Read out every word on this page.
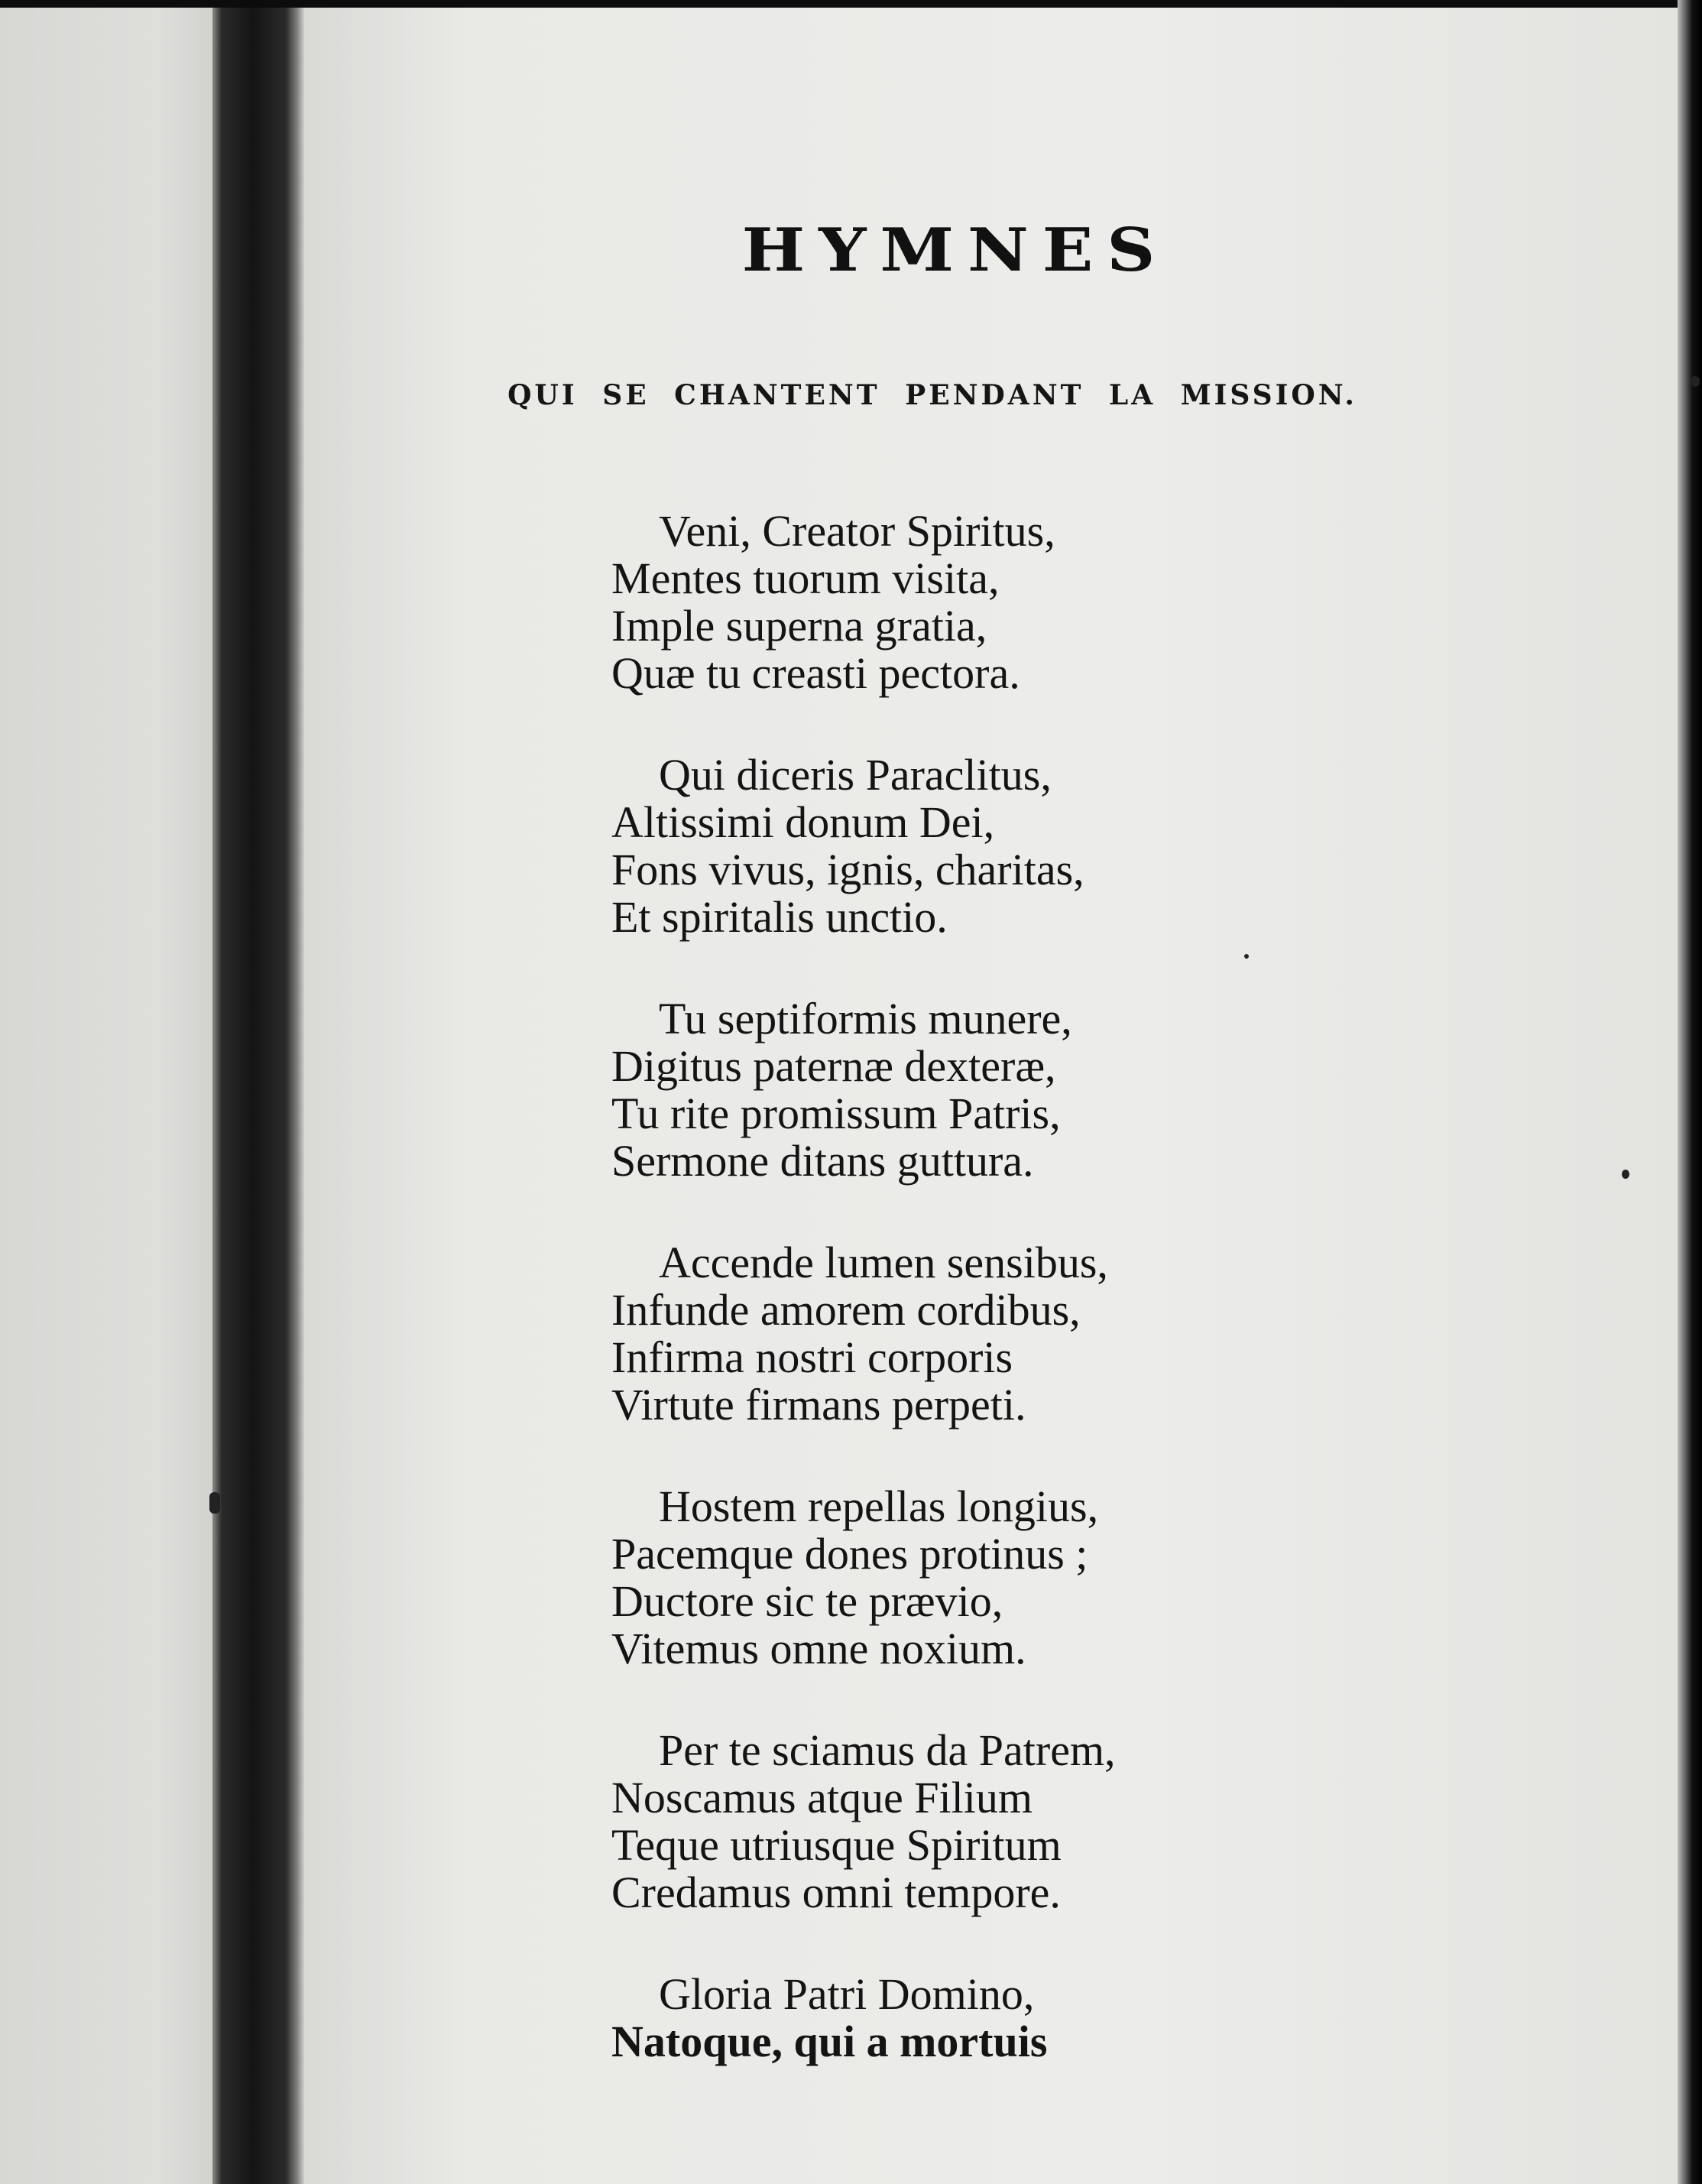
HYMNES
QUI SE CHANTENT PENDANT LA MISSION.

Veni, Creator Spiritus,
Mentes tuorum visita,
Imple superna gratia,
Quæ tu creasti pectora.

Qui diceris Paraclitus,
Altissimi donum Dei,
Fons vivus, ignis, charitas,
Et spiritalis unctio.

Tu septiformis munere,
Digitus paternæ dexteræ,
Tu rite promissum Patris,
Sermone ditans guttura.

Accende lumen sensibus,
Infunde amorem cordibus,
Infirma nostri corporis
Virtute firmans perpeti.

Hostem repellas longius,
Pacemque dones protinus ;
Ductore sic te prævio,
Vitemus omne noxium.

Per te sciamus da Patrem,
Noscamus atque Filium
Teque utriusque Spiritum
Credamus omni tempore.

Gloria Patri Domino,
Natoque, qui a mortuis
